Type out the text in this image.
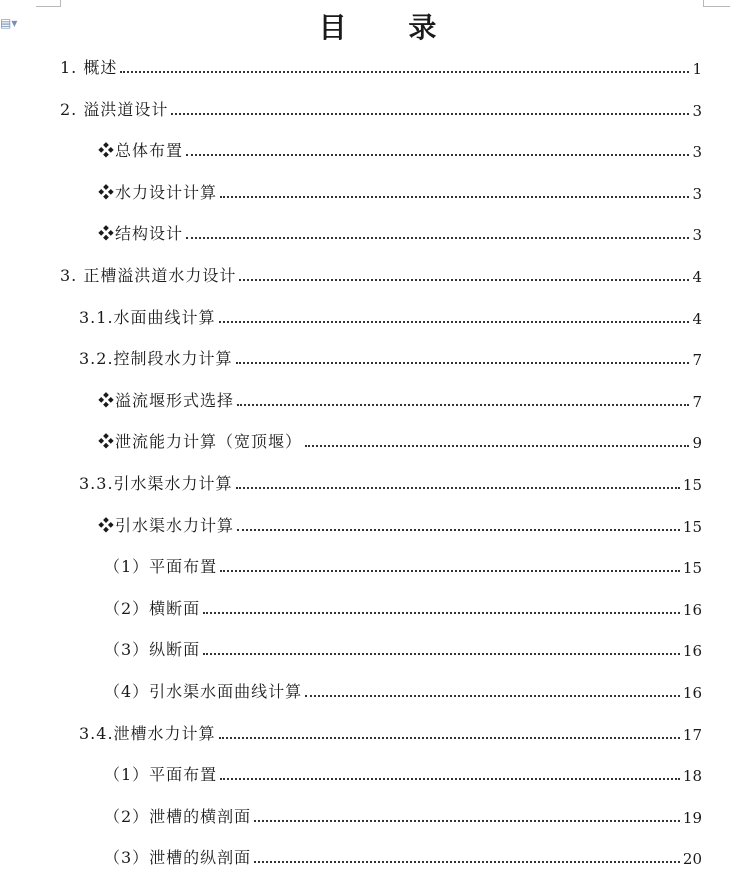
▤▾	目 录
1. 概述	1
2. 溢洪道设计	3
❖总体布置	3
❖水力设计计算	3
❖结构设计	3
3. 正槽溢洪道水力设计	4
3.1.水面曲线计算	4
3.2.控制段水力计算	7
❖溢流堰形式选择	7
❖泄流能力计算（宽顶堰）	9
3.3.引水渠水力计算	15
❖引水渠水力计算	15
（1）平面布置	15
（2）横断面	16
（3）纵断面	16
（4）引水渠水面曲线计算	16
3.4.泄槽水力计算	17
（1）平面布置	18
（2）泄槽的横剖面	19
（3）泄槽的纵剖面	20
